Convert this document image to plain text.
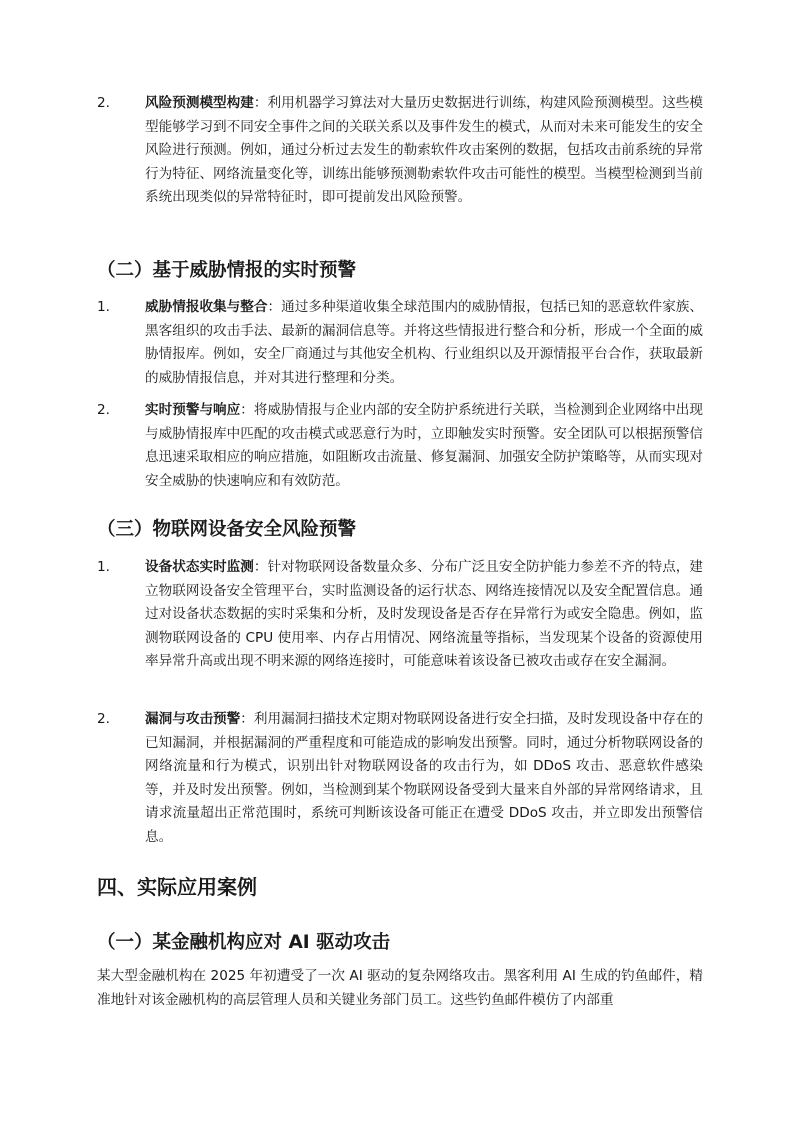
2.	风险预测模型构建：利用机器学习算法对大量历史数据进行训练，构建风险预测模型。这些模型能够学习到不同安全事件之间的关联关系以及事件发生的模式，从而对未来可能发生的安全风险进行预测。例如，通过分析过去发生的勒索软件攻击案例的数据，包括攻击前系统的异常行为特征、网络流量变化等，训练出能够预测勒索软件攻击可能性的模型。当模型检测到当前系统出现类似的异常特征时，即可提前发出风险预警。
（二）基于威胁情报的实时预警
1.	威胁情报收集与整合：通过多种渠道收集全球范围内的威胁情报，包括已知的恶意软件家族、黑客组织的攻击手法、最新的漏洞信息等。并将这些情报进行整合和分析，形成一个全面的威胁情报库。例如，安全厂商通过与其他安全机构、行业组织以及开源情报平台合作，获取最新的威胁情报信息，并对其进行整理和分类。
2.	实时预警与响应：将威胁情报与企业内部的安全防护系统进行关联，当检测到企业网络中出现与威胁情报库中匹配的攻击模式或恶意行为时，立即触发实时预警。安全团队可以根据预警信息迅速采取相应的响应措施，如阻断攻击流量、修复漏洞、加强安全防护策略等，从而实现对安全威胁的快速响应和有效防范。
（三）物联网设备安全风险预警
1.	设备状态实时监测：针对物联网设备数量众多、分布广泛且安全防护能力参差不齐的特点，建立物联网设备安全管理平台，实时监测设备的运行状态、网络连接情况以及安全配置信息。通过对设备状态数据的实时采集和分析，及时发现设备是否存在异常行为或安全隐患。例如，监测物联网设备的 CPU 使用率、内存占用情况、网络流量等指标，当发现某个设备的资源使用率异常升高或出现不明来源的网络连接时，可能意味着该设备已被攻击或存在安全漏洞。
2.	漏洞与攻击预警：利用漏洞扫描技术定期对物联网设备进行安全扫描，及时发现设备中存在的已知漏洞，并根据漏洞的严重程度和可能造成的影响发出预警。同时，通过分析物联网设备的网络流量和行为模式，识别出针对物联网设备的攻击行为，如 DDoS 攻击、恶意软件感染等，并及时发出预警。例如，当检测到某个物联网设备受到大量来自外部的异常网络请求，且请求流量超出正常范围时，系统可判断该设备可能正在遭受 DDoS 攻击，并立即发出预警信息。
四、实际应用案例
（一）某金融机构应对 AI 驱动攻击
某大型金融机构在 2025 年初遭受了一次 AI 驱动的复杂网络攻击。黑客利用 AI 生成的钓鱼邮件，精准地针对该金融机构的高层管理人员和关键业务部门员工。这些钓鱼邮件模仿了内部重
